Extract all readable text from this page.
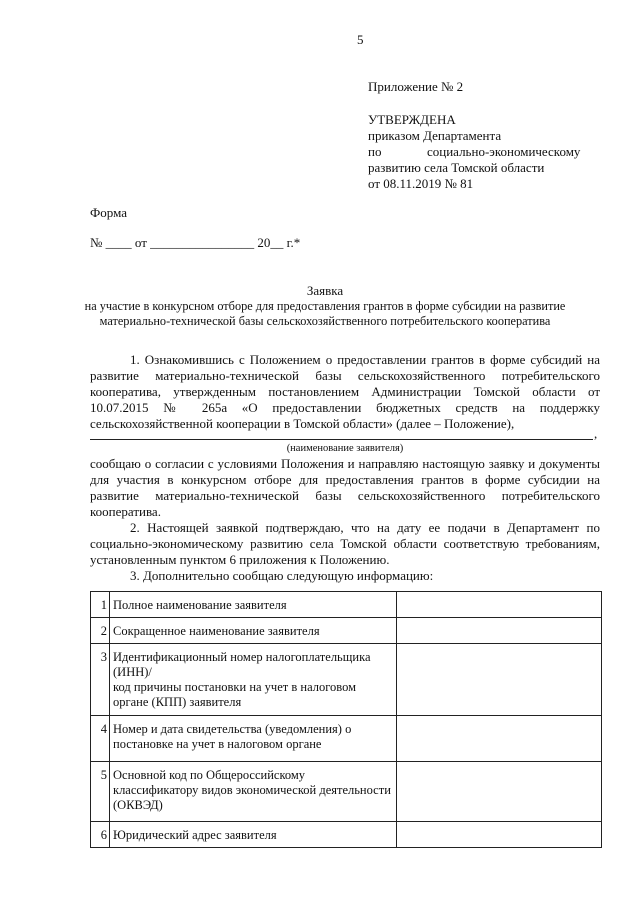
5
Приложение № 2
УТВЕРЖДЕНА
приказом Департамента
по	социально-экономическому
развитию села Томской области
от 08.11.2019 № 81
Форма
№ ____ от ________________ 20__ г.*
Заявка
на участие в конкурсном отборе для предоставления грантов в форме субсидии на развитие
материально-технической базы сельскохозяйственного потребительского кооператива
1. Ознакомившись с Положением о предоставлении грантов в форме субсидий на
развитие материально-технической базы сельскохозяйственного потребительского
кооператива, утвержденным постановлением Администрации Томской области от
10.07.2015 № 265а «О предоставлении бюджетных средств на поддержку
сельскохозяйственной кооперации в Томской области» (далее – Положение),
,
(наименование заявителя)
сообщаю о согласии с условиями Положения и направляю настоящую заявку и документы
для участия в конкурсном отборе для предоставления грантов в форме субсидии на
развитие материально-технической базы сельскохозяйственного потребительского
кооператива.
2. Настоящей заявкой подтверждаю, что на дату ее подачи в Департамент по
социально-экономическому развитию села Томской области соответствую требованиям,
установленным пунктом 6 приложения к Положению.
3. Дополнительно сообщаю следующую информацию:
1	Полное наименование заявителя	
2	Сокращенное наименование заявителя	
3	Идентификационный номер налогоплательщика (ИНН)/
код причины постановки на учет в налоговом органе (КПП) заявителя	
4	Номер и дата свидетельства (уведомления) о постановке на учет в налоговом органе	
5	Основной код по Общероссийскому классификатору видов экономической деятельности (ОКВЭД)	
6	Юридический адрес заявителя	
